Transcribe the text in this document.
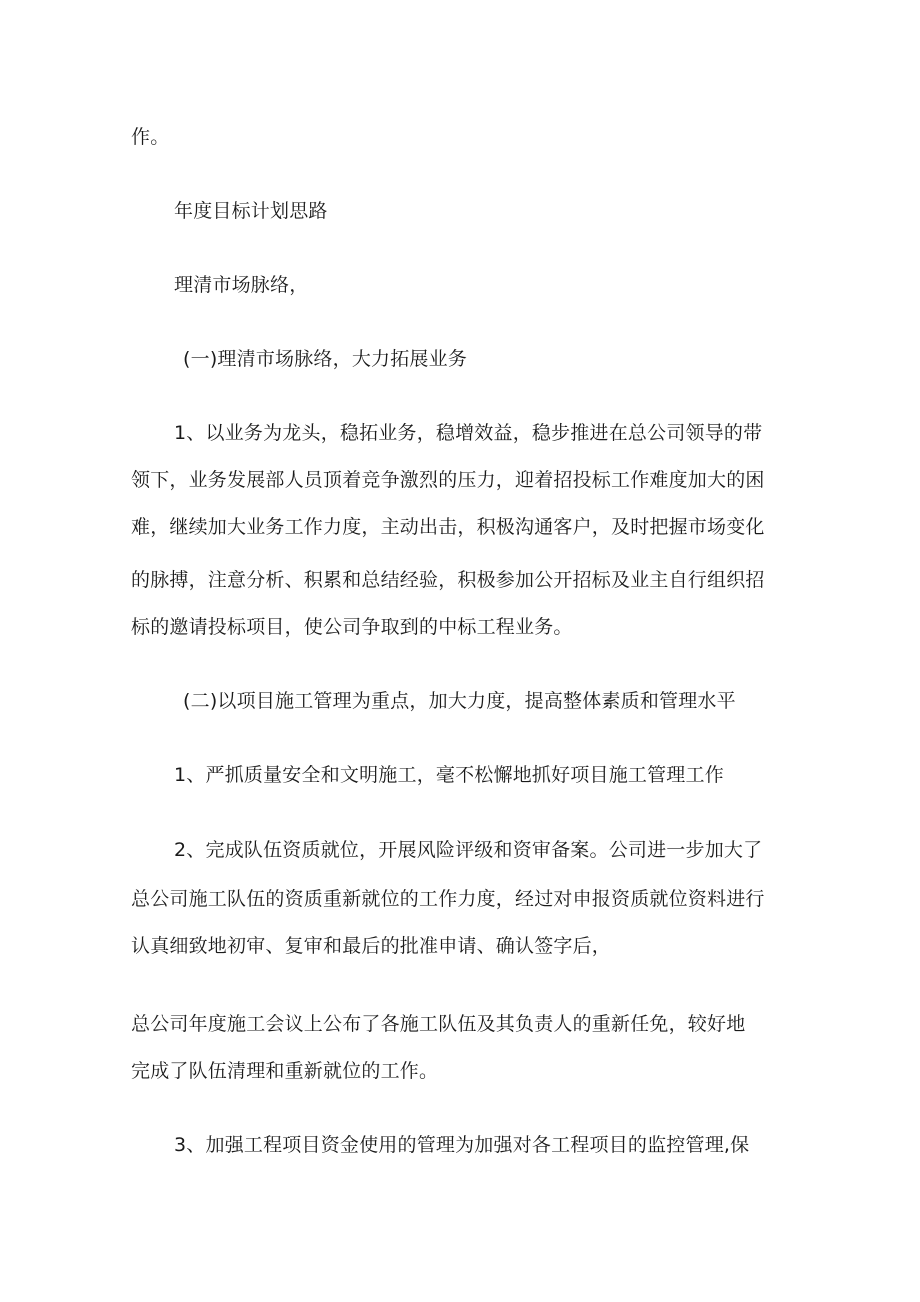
作。
年度目标计划思路
理清市场脉络，
(一)理清市场脉络，大力拓展业务
1、以业务为龙头，稳拓业务，稳增效益，稳步推进在总公司领导的带
领下，业务发展部人员顶着竞争激烈的压力，迎着招投标工作难度加大的困
难，继续加大业务工作力度，主动出击，积极沟通客户，及时把握市场变化
的脉搏，注意分析、积累和总结经验，积极参加公开招标及业主自行组织招
标的邀请投标项目，使公司争取到的中标工程业务。
(二)以项目施工管理为重点，加大力度，提高整体素质和管理水平
1、严抓质量安全和文明施工，毫不松懈地抓好项目施工管理工作
2、完成队伍资质就位，开展风险评级和资审备案。公司进一步加大了
总公司施工队伍的资质重新就位的工作力度，经过对申报资质就位资料进行
认真细致地初审、复审和最后的批准申请、确认签字后，
总公司年度施工会议上公布了各施工队伍及其负责人的重新任免，较好地
完成了队伍清理和重新就位的工作。
3、加强工程项目资金使用的管理为加强对各工程项目的监控管理,保
